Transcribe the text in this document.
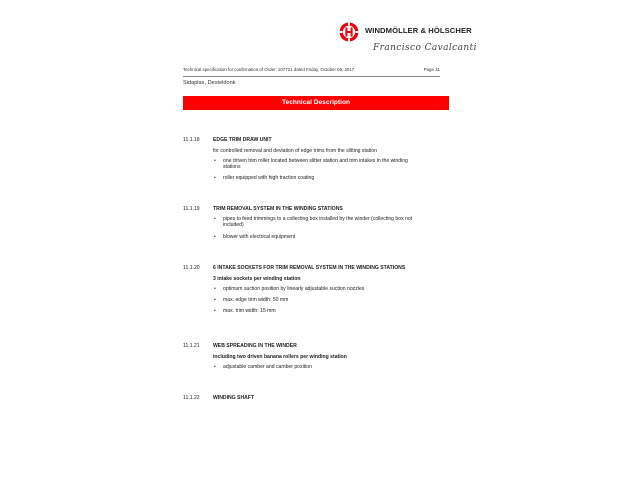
WINDMÖLLER & HÖLSCHER
Francisco Cavalcanti
Technical specification for confirmation of Order: 107721 dated Friday, October 06, 2017	Page 31
Sidaplax, Desteldonk
Technical Description
11.1.18	EDGE TRIM DRAW UNIT
for controlled removal and deviation of edge trims from the slitting station
• one driven trim roller located between slitter station and trim intakes in the winding stations
• roller equipped with high traction coating
11.1.19	TRIM REMOVAL SYSTEM IN THE WINDING STATIONS
• pipes to feed trimmings to a collecting box installed by the winder (collecting box not included)
• blower with electrical equipment
11.1.20	6 INTAKE SOCKETS FOR TRIM REMOVAL SYSTEM IN THE WINDING STATIONS
3 intake sockets per winding station
• optimum suction position by linearly adjustable suction nozzles
• max. edge trim width: 50 mm
• max. trim width: 15 mm
11.1.21	WEB SPREADING IN THE WINDER
including two driven banana rollers per winding station
• adjustable camber and camber position
11.1.22	WINDING SHAFT
